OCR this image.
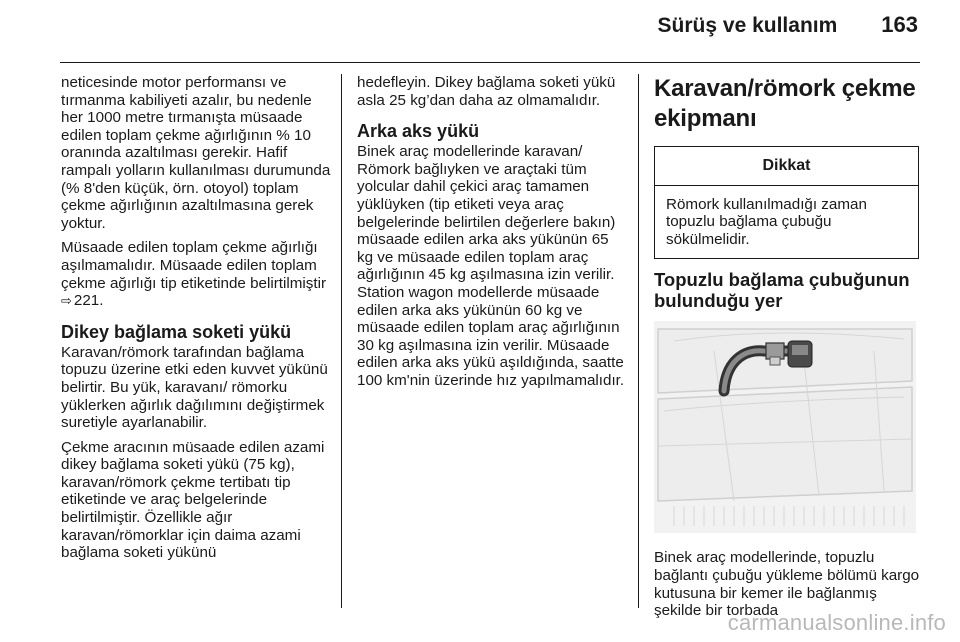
Sürüş ve kullanım 163

neticesinde motor performansı ve tırmanma kabiliyeti azalır, bu nedenle her 1000 metre tırmanışta müsaade edilen toplam çekme ağırlığının % 10 oranında azaltılması gerekir. Hafif rampalı yolların kullanılması durumunda (% 8'den küçük, örn. otoyol) toplam çekme ağırlığının azaltılmasına gerek yoktur.

Müsaade edilen toplam çekme ağırlığı aşılmamalıdır. Müsaade edilen toplam çekme ağırlığı tip etiketinde belirtilmiştir ⇨ 221.

Dikey bağlama soketi yükü

Karavan/römork tarafından bağlama topuzu üzerine etki eden kuvvet yükünü belirtir. Bu yük, karavanı/ römorku yüklerken ağırlık dağılımını değiştirmek suretiyle ayarlanabilir.

Çekme aracının müsaade edilen azami dikey bağlama soketi yükü (75 kg), karavan/römork çekme tertibatı tip etiketinde ve araç belgelerinde belirtilmiştir. Özellikle ağır karavan/römorklar için daima azami bağlama soketi yükünü

hedefleyin. Dikey bağlama soketi yükü asla 25 kg’dan daha az olmamalıdır.

Arka aks yükü

Binek araç modellerinde karavan/ Römork bağlıyken ve araçtaki tüm yolcular dahil çekici araç tamamen yüklüyken (tip etiketi veya araç belgelerinde belirtilen değerlere bakın) müsaade edilen arka aks yükünün 65 kg ve müsaade edilen toplam araç ağırlığının 45 kg aşılmasına izin verilir. Station wagon modellerde müsaade edilen arka aks yükünün 60 kg ve müsaade edilen toplam araç ağırlığının 30 kg aşılmasına izin verilir. Müsaade edilen arka aks yükü aşıldığında, saatte 100 km'nin üzerinde hız yapılmamalıdır.

Karavan/römork çekme ekipmanı
Dikkat
Römork kullanılmadığı zaman topuzlu bağlama çubuğu sökülmelidir.
Topuzlu bağlama çubuğunun bulunduğu yer

Binek araç modellerinde, topuzlu bağlantı çubuğu yükleme bölümü kargo kutusuna bir kemer ile bağlanmış şekilde bir torbada

carmanualsonline.info
